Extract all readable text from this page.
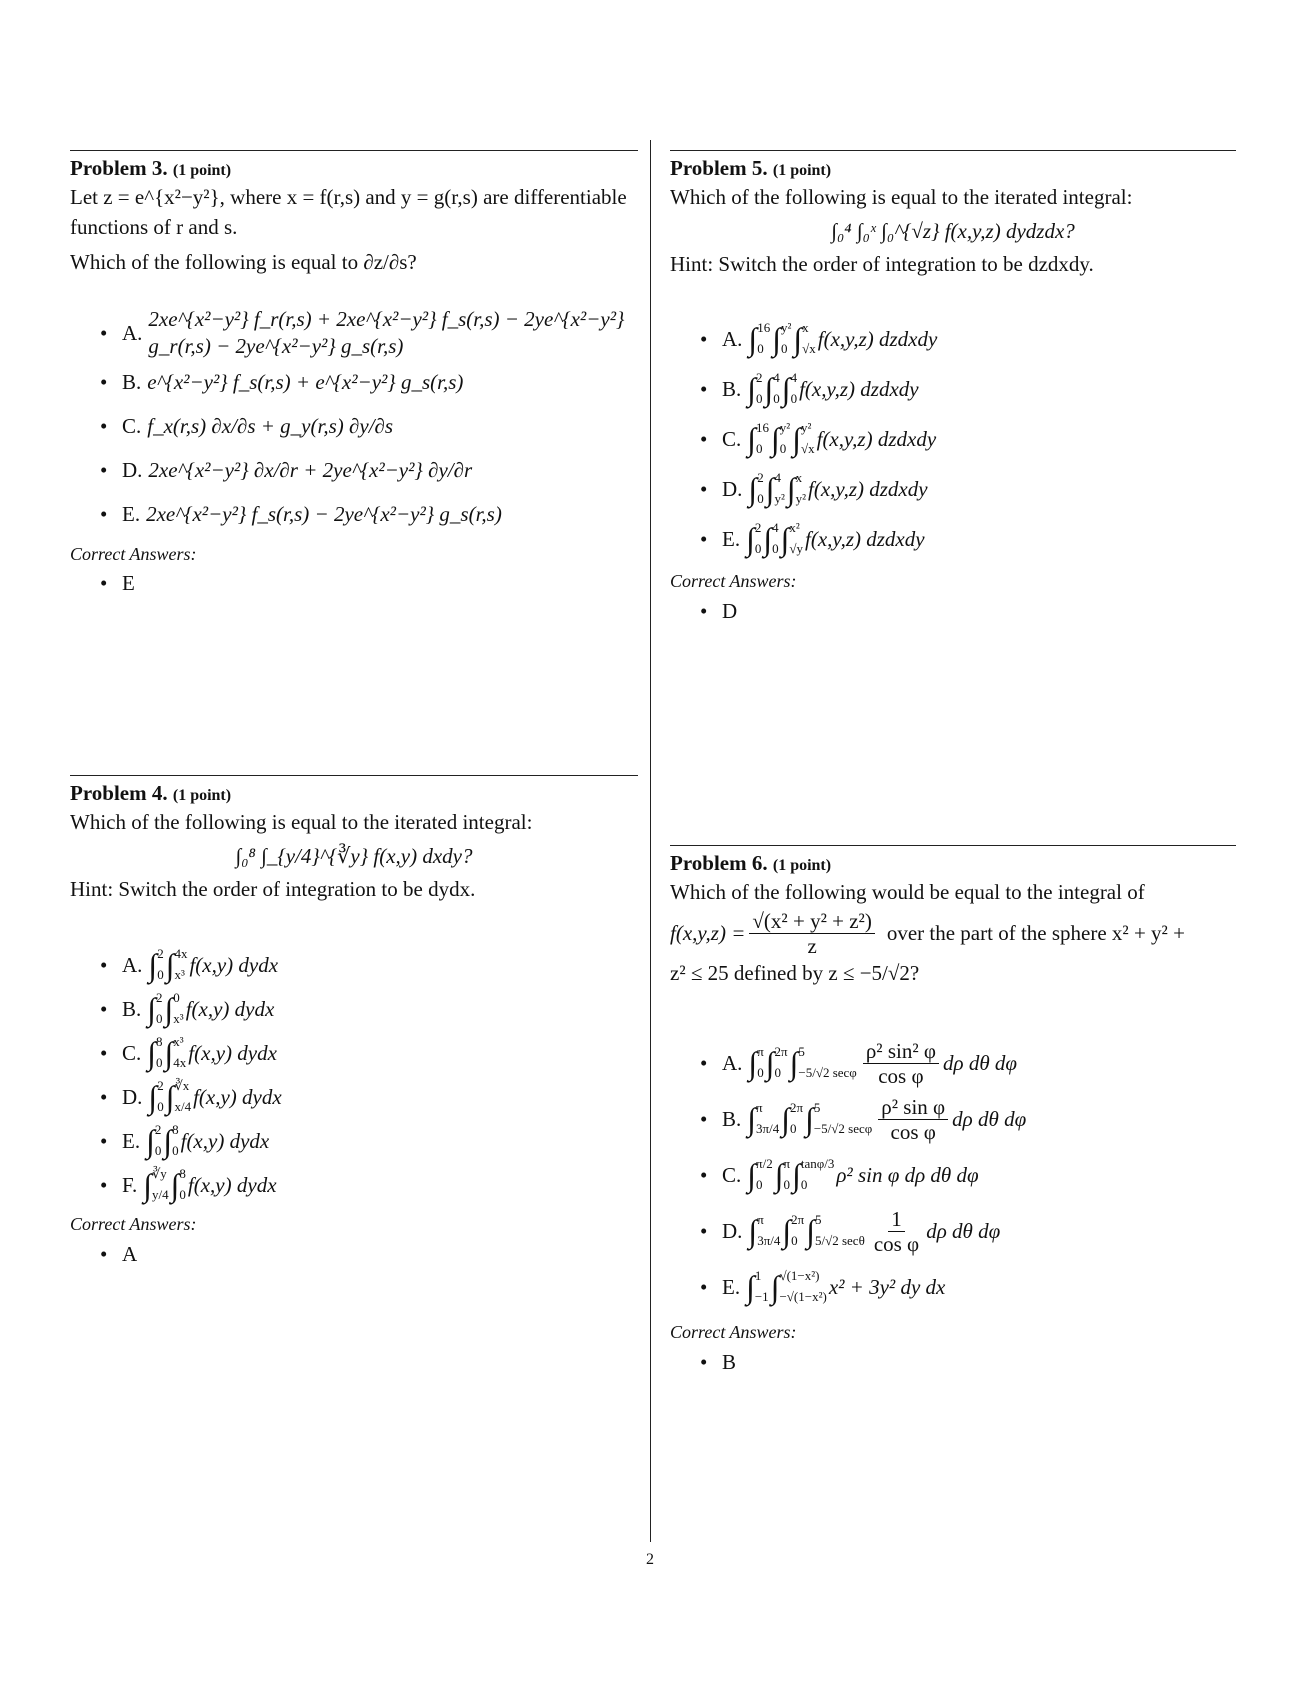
Problem 3. (1 point)
Let z = e^{x²−y²}, where x = f(r,s) and y = g(r,s) are differentiable
functions of r and s.
Which of the following is equal to ∂z/∂s?
• A.
2xe^{x²−y²} f_r(r,s) + 2xe^{x²−y²} f_s(r,s) − 2ye^{x²−y²} g_r(r,s) − 2ye^{x²−y²} g_s(r,s)
• B. e^{x²−y²} f_s(r,s) + e^{x²−y²} g_s(r,s)
• C. f_x(r,s) ∂x/∂s + g_y(r,s) ∂y/∂s
• D. 2xe^{x²−y²} ∂x/∂r + 2ye^{x²−y²} ∂y/∂r
• E. 2xe^{x²−y²} f_s(r,s) − 2ye^{x²−y²} g_s(r,s)
Correct Answers:
• E
Problem 4. (1 point)
Which of the following is equal to the iterated integral:
∫₀⁸ ∫_{y/4}^{∛y} f(x,y) dxdy?
Hint: Switch the order of integration to be dydx.
• A. ∫ 2
0 ∫ 4x
x³ f(x,y) dydx
• B. ∫ 2
0 ∫ 0
x³ f(x,y) dydx
• C. ∫ 8
0 ∫ x³
4x f(x,y) dydx
• D. ∫ 2
0 ∫ ∛x
x/4 f(x,y) dydx
• E. ∫ 2
0 ∫ 8
0 f(x,y) dydx
• F. ∫ ∛y
y/4 ∫ 8
0 f(x,y) dydx
Correct Answers:
• A
Problem 5. (1 point)
Which of the following is equal to the iterated integral:
∫₀⁴ ∫₀ˣ ∫₀^{√z} f(x,y,z) dydzdx?
Hint: Switch the order of integration to be dzdxdy.
• A. ∫ 16
0 ∫ y²
0 ∫ x
√x f(x,y,z) dzdxdy
• B. ∫ 2
0 ∫ 4
0 ∫ 4
0 f(x,y,z) dzdxdy
• C. ∫ 16
0 ∫ y²
0 ∫ y²
√x f(x,y,z) dzdxdy
• D. ∫ 2
0 ∫ 4
y² ∫ x
y² f(x,y,z) dzdxdy
• E. ∫ 2
0 ∫ 4
0 ∫ x²
√y f(x,y,z) dzdxdy
Correct Answers:
• D
Problem 6. (1 point)
Which of the following would be equal to the integral of
$f(x,y,z) = \frac{\text{√(x² + y² + z²)}}{z}$ over the part of the sphere x² + y² +
z² ≤ 25 defined by z ≤ −5/√2?
• A. ∫ π
0 ∫ 2π
0 ∫ 5
−5/√2 secφ $\frac{\text{ρ² sin² φ}}{\text{cos φ}}$ dρ dθ dφ
• B. ∫ π
3π/4 ∫ 2π
0 ∫ 5
−5/√2 secφ $\frac{\text{ρ² sin φ}}{\text{cos φ}}$ dρ dθ dφ
• C. ∫ π/2
0 ∫ π
0 ∫ tanφ/3
0	ρ² sin φ dρ dθ dφ
• D. ∫ π
3π/4 ∫ 2π
0 ∫ 5
5/√2 secθ $\frac{1}{\text{cos φ}}$ dρ dθ dφ
• E. ∫ 1
−1 ∫ √(1−x²)
−√(1−x²) x² + 3y² dy dx
Correct Answers:
• B
2
